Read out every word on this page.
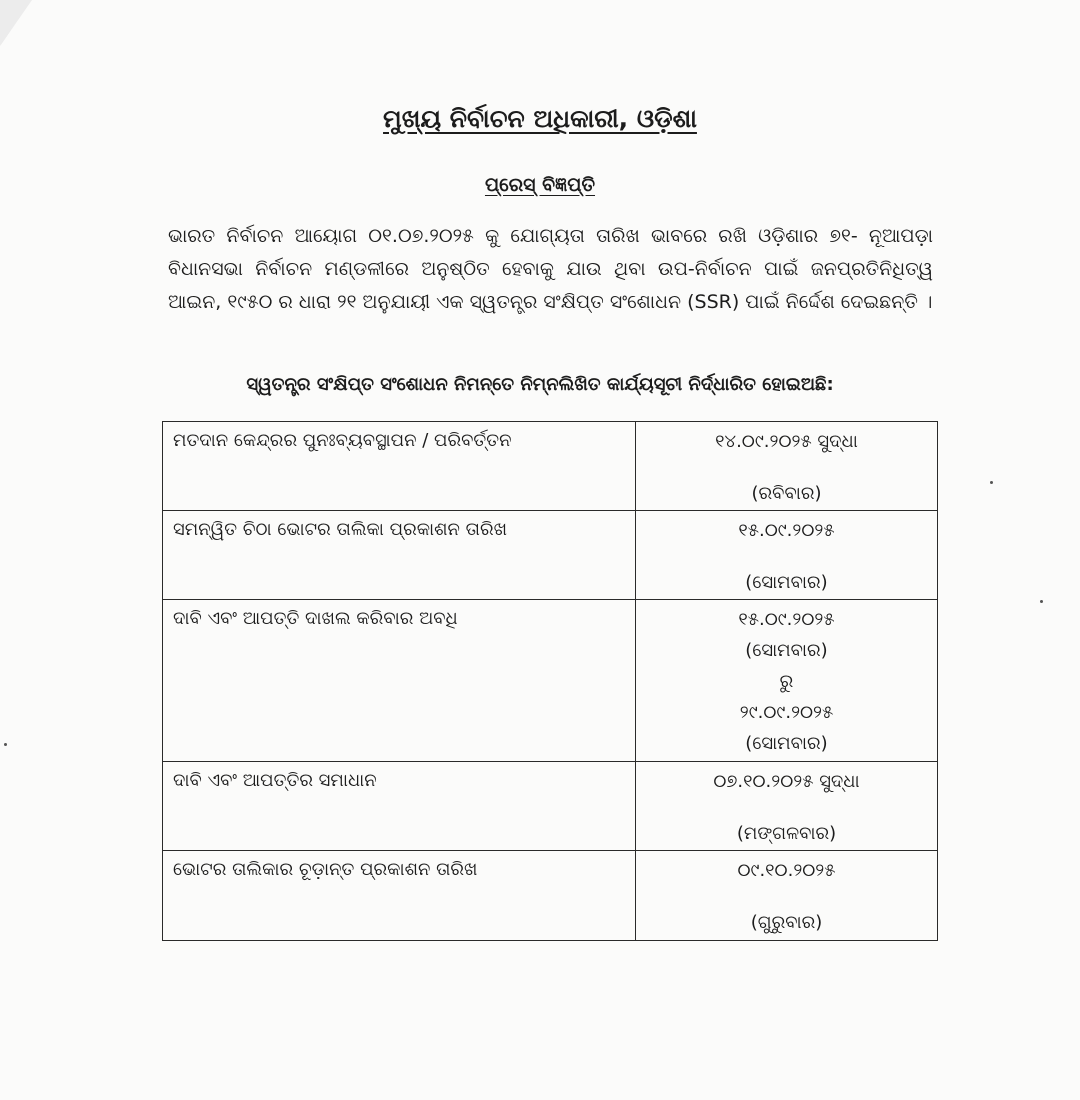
ମୁଖ୍ୟ ନିର୍ବାଚନ ଅଧିକାରୀ, ଓଡ଼ିଶା
ପ୍ରେସ୍ ବିଜ୍ଞପ୍ତି

ଭାରତ ନିର୍ବାଚନ ଆୟୋଗ ୦୧.୦୭.୨୦୨୫ କୁ ଯୋଗ୍ୟତା ତାରିଖ ଭାବରେ ରଖି ଓଡ଼ିଶାର ୭୧- ନୂଆପଡ଼ା ବିଧାନସଭା ନିର୍ବାଚନ ମଣ୍ଡଳୀରେ ଅନୁଷ୍ଠିତ ହେବାକୁ ଯାଉ ଥିବା ଉପ-ନିର୍ବାଚନ ପାଇଁ ଜନପ୍ରତିନିଧିତ୍ୱ ଆଇନ, ୧୯୫୦ ର ଧାରା ୨୧ ଅନୁଯାୟୀ ଏକ ସ୍ୱତନ୍ତ୍ର ସଂକ୍ଷିପ୍ତ ସଂଶୋଧନ (SSR) ପାଇଁ ନିର୍ଦ୍ଦେଶ ଦେଇଛନ୍ତି ।

ସ୍ୱତନ୍ତ୍ର ସଂକ୍ଷିପ୍ତ ସଂଶୋଧନ ନିମନ୍ତେ ନିମ୍ନଲିଖିତ କାର୍ଯ୍ୟସୂଚୀ ନିର୍ଦ୍ଧାରିତ ହୋଇଅଛି:
ମତଦାନ କେନ୍ଦ୍ରର ପୁନଃବ୍ୟବସ୍ଥାପନ / ପରିବର୍ତ୍ତନ	୧୪.୦୯.୨୦୨୫ ସୁଦ୍ଧା
(ରବିବାର)

ସମନ୍ୱିତ ଚିଠା ଭୋଟର ତାଲିକା ପ୍ରକାଶନ ତାରିଖ	୧୫.୦୯.୨୦୨୫
(ସୋମବାର)

ଦାବି ଏବଂ ଆପତ୍ତି ଦାଖଲ କରିବାର ଅବଧି	୧୫.୦୯.୨୦୨୫
(ସୋମବାର)
ରୁ
୨୯.୦୯.୨୦୨୫
(ସୋମବାର)

ଦାବି ଏବଂ ଆପତ୍ତିର ସମାଧାନ	୦୭.୧୦.୨୦୨୫ ସୁଦ୍ଧା
(ମଙ୍ଗଳବାର)

ଭୋଟର ତାଲିକାର ଚୂଡ଼ାନ୍ତ ପ୍ରକାଶନ ତାରିଖ	୦୯.୧୦.୨୦୨୫
(ଗୁରୁବାର)
